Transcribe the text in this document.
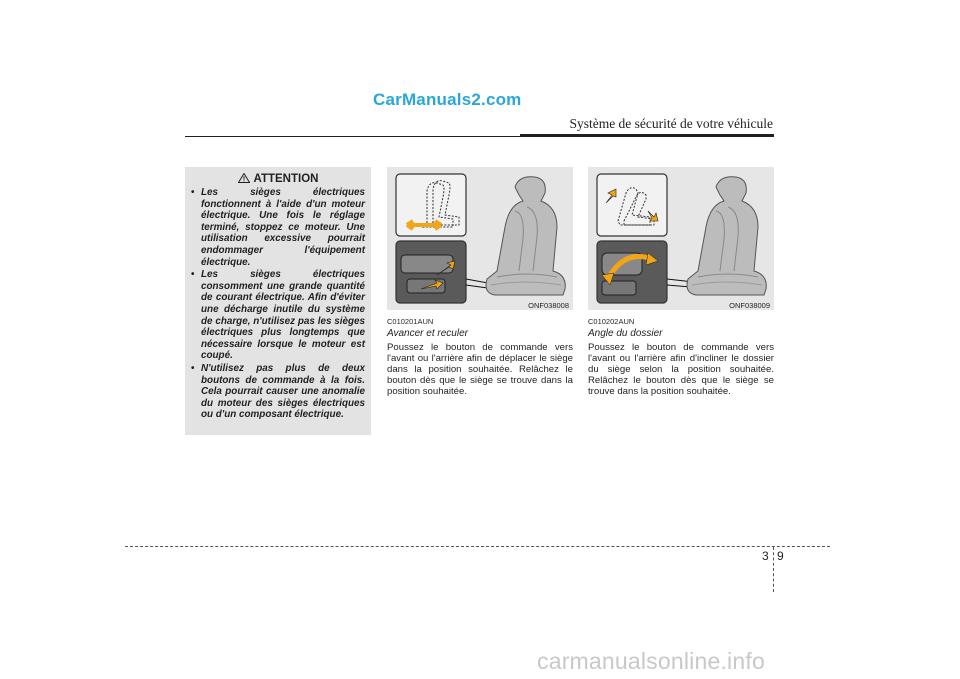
CarManuals2.com
Système de sécurité de votre véhicule
ATTENTION
• Les sièges électriques fonctionnent à l'aide d'un moteur électrique. Une fois le réglage terminé, stoppez ce moteur. Une utilisation excessive pourrait endommager l'équipement électrique.
• Les sièges électriques consomment une grande quantité de courant électrique. Afin d'éviter une décharge inutile du système de charge, n'utilisez pas les sièges électriques plus longtemps que nécessaire lorsque le moteur est coupé.
• N'utilisez pas plus de deux boutons de commande à la fois. Cela pourrait causer une anomalie du moteur des sièges électriques ou d'un composant électrique.
ONF038008	ONF038009
C010201AUN
Avancer et reculer
Poussez le bouton de commande vers l'avant ou l'arrière afin de déplacer le siège dans la position souhaitée. Relâchez le bouton dès que le siège se trouve dans la position souhaitée.
C010202AUN
Angle du dossier
Poussez le bouton de commande vers l'avant ou l'arrière afin d'incliner le dossier du siège selon la position souhaitée. Relâchez le bouton dès que le siège se trouve dans la position souhaitée.
3 9
carmanualsonline.info
